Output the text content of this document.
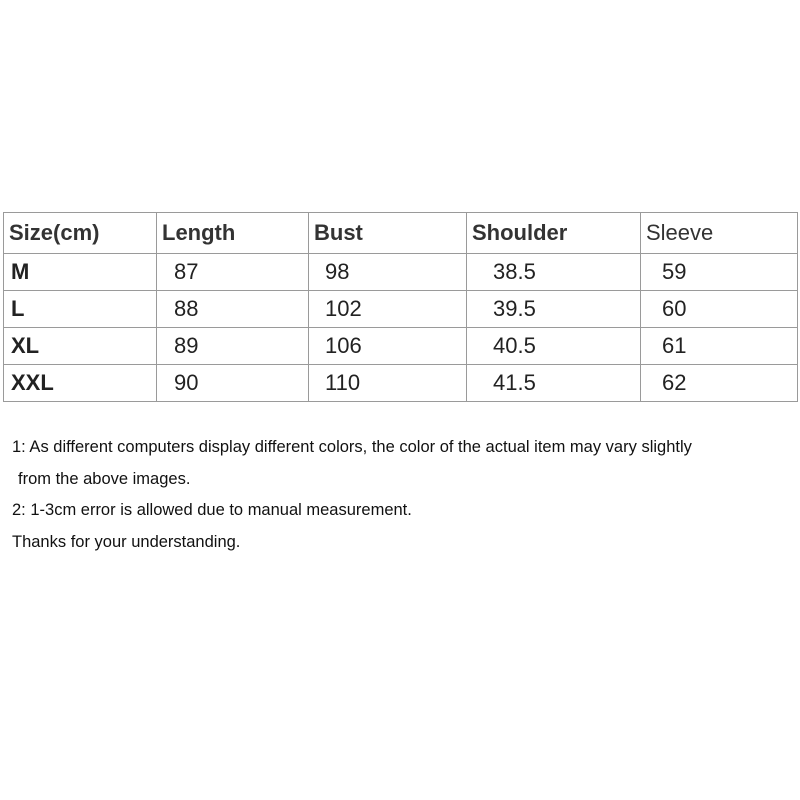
Size(cm)	Length	Bust	Shoulder	Sleeve
M	87	98	38.5	59
L	88	102	39.5	60
XL	89	106	40.5	61
XXL	90	110	41.5	62
1: As different computers display different colors, the color of the actual item may vary slightly
from the above images.
2: 1-3cm error is allowed due to manual measurement.
Thanks for your understanding.
